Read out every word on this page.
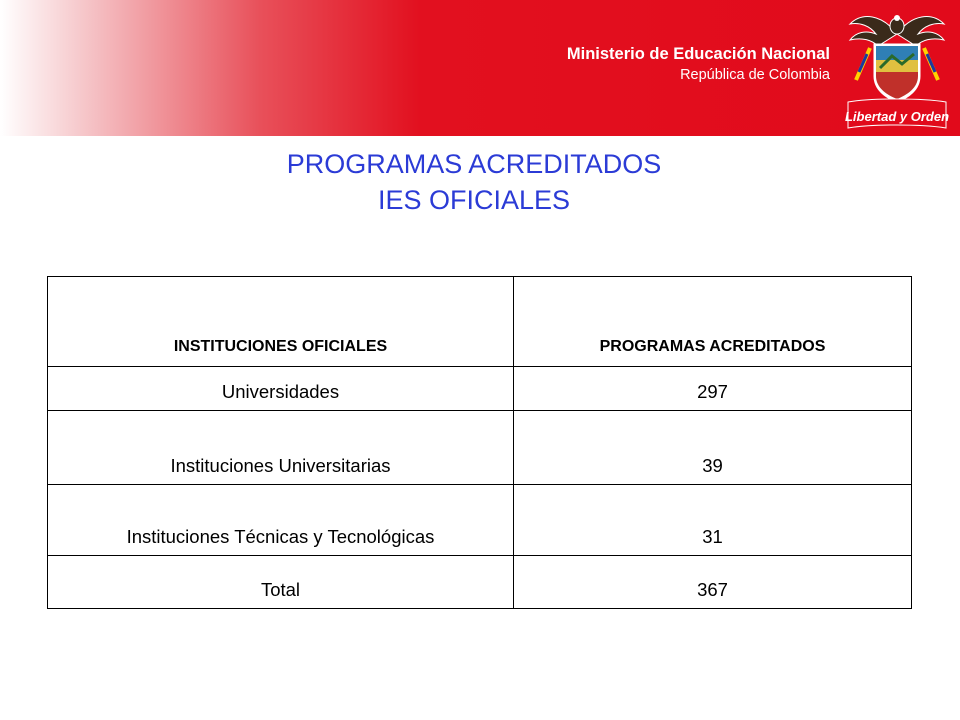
Ministerio de Educación Nacional
República de Colombia
Libertad y Orden
PROGRAMAS ACREDITADOS
IES OFICIALES
INSTITUCIONES OFICIALES	PROGRAMAS ACREDITADOS
Universidades	297
Instituciones Universitarias	39
Instituciones Técnicas y Tecnológicas	31
Total	367
